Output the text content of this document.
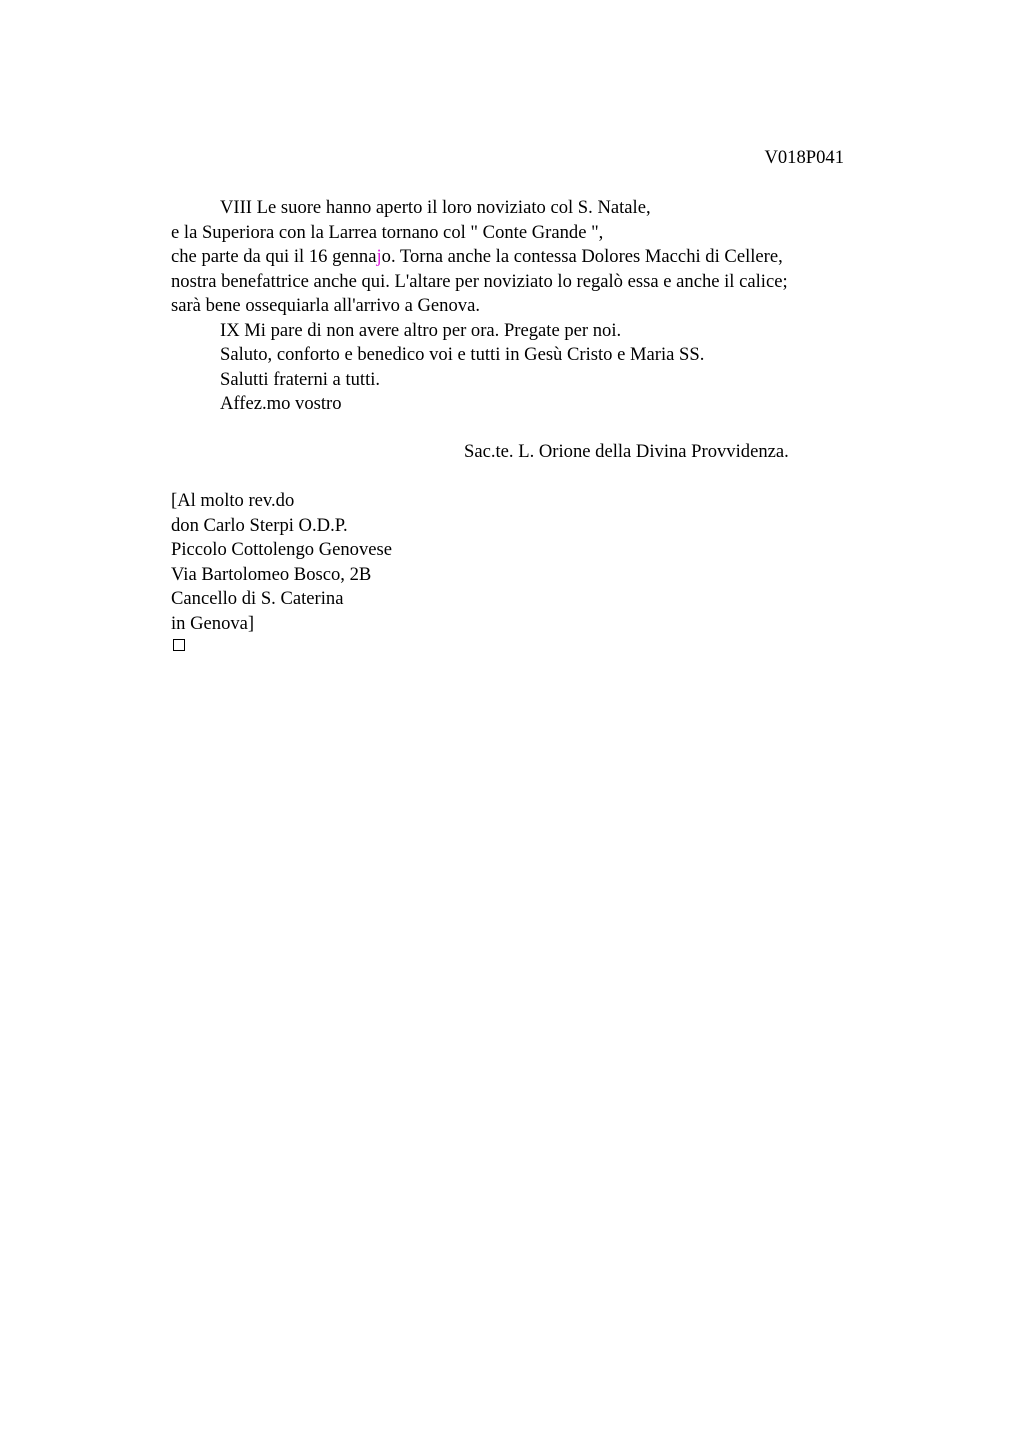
V018P041
VIII Le suore hanno aperto il loro noviziato col S. Natale,
e la Superiora con la Larrea tornano col " Conte Grande ",
che parte da qui il 16 gennajo. Torna anche la contessa Dolores Macchi di Cellere,
nostra benefattrice anche qui. L'altare per noviziato lo regalò essa e anche il calice;
sarà bene ossequiarla all'arrivo a Genova.
IX Mi pare di non avere altro per ora. Pregate per noi.
Saluto, conforto e benedico voi e tutti in Gesù Cristo e Maria SS.
Salutti fraterni a tutti.
Affez.mo vostro
Sac.te. L. Orione della Divina Provvidenza.
[Al molto rev.do
don Carlo Sterpi O.D.P.
Piccolo Cottolengo Genovese
Via Bartolomeo Bosco, 2B
Cancello di S. Caterina
in Genova]
